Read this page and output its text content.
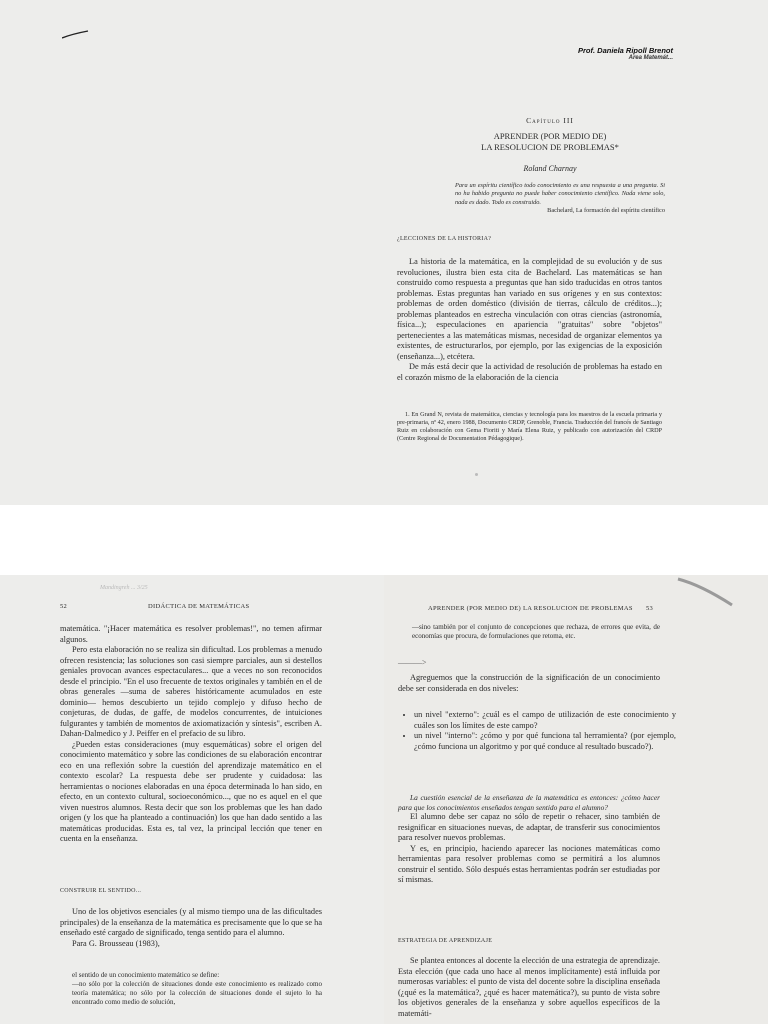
Prof. Daniela Ripoll Brenot
Area Matemát...
Capítulo III
APRENDER (POR MEDIO DE)
LA RESOLUCION DE PROBLEMAS*
Roland Charnay
Para un espíritu científico todo conocimiento es una respuesta a una pregunta. Si no ha habido pregunta no puede haber conocimiento científico. Nada viene solo, nada es dado. Todo es construido.
Bachelard, La formación del espíritu científico
¿LECCIONES DE LA HISTORIA?

La historia de la matemática, en la complejidad de su evolución y de sus revoluciones, ilustra bien esta cita de Bachelard. Las matemáticas se han construido como respuesta a preguntas que han sido traducidas en otros tantos problemas. Estas preguntas han variado en sus orígenes y en sus contextos: problemas de orden doméstico (división de tierras, cálculo de créditos...); problemas planteados en estrecha vinculación con otras ciencias (astronomía, física...); especulaciones en apariencia "gratuitas" sobre "objetos" pertenecientes a las matemáticas mismas, necesidad de organizar elementos ya existentes, de estructurarlos, por ejemplo, por las exigencias de la exposición (enseñanza...), etcétera.

De más está decir que la actividad de resolución de problemas ha estado en el corazón mismo de la elaboración de la ciencia

1. En Grand N, revista de matemática, ciencias y tecnología para los maestros de la escuela primaria y pre-primaria, nº 42, enero 1988, Documento CRDP, Grenoble, Francia. Traducción del francés de Santiago Ruiz en colaboración con Gema Fioriti y María Elena Ruiz, y publicado con autorización del CRDP (Centre Regional de Documentation Pédagogique).

Mandingreh ... 3/25
52	DIDÁCTICA DE MATEMÁTICAS

matemática. "¡Hacer matemática es resolver problemas!", no temen afirmar algunos.

Pero esta elaboración no se realiza sin dificultad. Los problemas a menudo ofrecen resistencia; las soluciones son casi siempre parciales, aun si destellos geniales provocan avances espectaculares... que a veces no son reconocidos desde el principio. "En el uso frecuente de textos originales y también en el de obras generales —suma de saberes históricamente acumulados en este dominio— hemos descubierto un tejido complejo y difuso hecho de conjeturas, de dudas, de gaffe, de modelos concurrentes, de intuiciones fulgurantes y también de momentos de axiomatización y síntesis", escriben A. Dahan-Dalmedico y J. Peiffer en el prefacio de su libro.

¿Pueden estas consideraciones (muy esquemáticas) sobre el origen del conocimiento matemático y sobre las condiciones de su elaboración encontrar eco en una reflexión sobre la cuestión del aprendizaje matemático en el contexto escolar? La respuesta debe ser prudente y cuidadosa: las herramientas o nociones elaboradas en una época determinada lo han sido, en efecto, en un contexto cultural, socioeconómico..., que no es aquel en el que viven nuestros alumnos. Resta decir que son los problemas que les han dado origen (y los que ha planteado a continuación) los que han dado sentido a las matemáticas producidas. Esta es, tal vez, la principal lección que tener en cuenta en la enseñanza.

CONSTRUIR EL SENTIDO...

Uno de los objetivos esenciales (y al mismo tiempo una de las dificultades principales) de la enseñanza de la matemática es precisamente que lo que se ha enseñado esté cargado de significado, tenga sentido para el alumno.

Para G. Brousseau (1983),

el sentido de un conocimiento matemático se define:

—no sólo por la colección de situaciones donde este conocimiento es realizado como teoría matemática; no sólo por la colección de situaciones donde el sujeto lo ha encontrado como medio de solución,

APRENDER (POR MEDIO DE) LA RESOLUCION DE PROBLEMAS 53

—sino también por el conjunto de concepciones que rechaza, de errores que evita, de economías que procura, de formulaciones que retoma, etc.

———>

Agreguemos que la construcción de la significación de un conocimiento debe ser considerada en dos niveles:

• un nivel "externo": ¿cuál es el campo de utilización de este conocimiento y cuáles son los límites de este campo?
• un nivel "interno": ¿cómo y por qué funciona tal herramienta? (por ejemplo, ¿cómo funciona un algoritmo y por qué conduce al resultado buscado?).

La cuestión esencial de la enseñanza de la matemática es entonces: ¿cómo hacer para que los conocimientos enseñados tengan sentido para el alumno?

El alumno debe ser capaz no sólo de repetir o rehacer, sino también de resignificar en situaciones nuevas, de adaptar, de transferir sus conocimientos para resolver nuevos problemas.

Y es, en principio, haciendo aparecer las nociones matemáticas como herramientas para resolver problemas como se permitirá a los alumnos construir el sentido. Sólo después estas herramientas podrán ser estudiadas por sí mismas.

ESTRATEGIA DE APRENDIZAJE

Se plantea entonces al docente la elección de una estrategia de aprendizaje. Esta elección (que cada uno hace al menos implícitamente) está influida por numerosas variables: el punto de vista del docente sobre la disciplina enseñada (¿qué es la matemática?, ¿qué es hacer matemática?), su punto de vista sobre los objetivos generales de la enseñanza y sobre aquellos específicos de la matemáti-
